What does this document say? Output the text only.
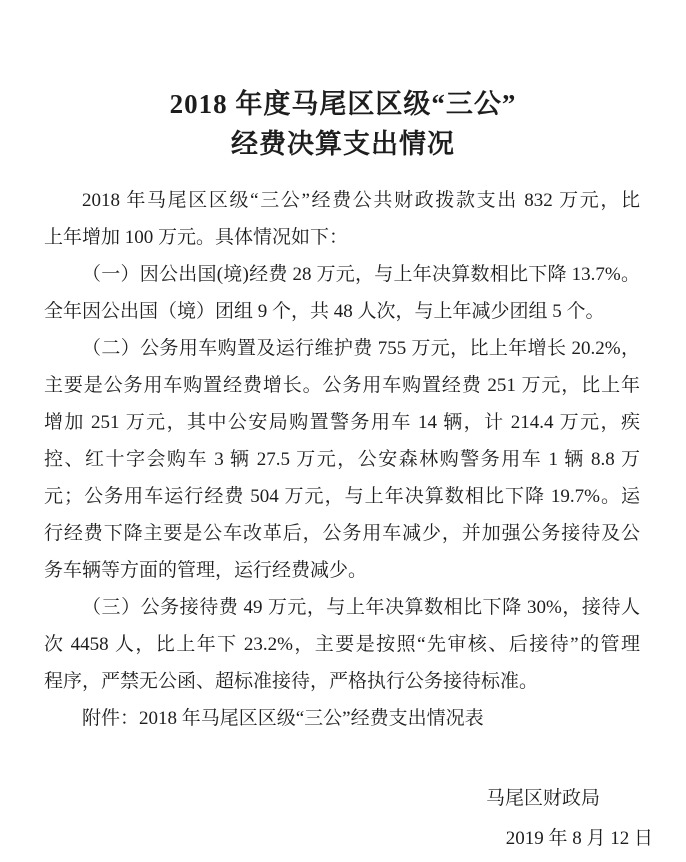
2018 年度马尾区区级“三公”
经费决算支出情况
2018 年马尾区区级“三公”经费公共财政拨款支出 832 万元，比
上年增加 100 万元。具体情况如下：
（一）因公出国(境)经费 28 万元，与上年决算数相比下降 13.7%。
全年因公出国（境）团组 9 个，共 48 人次，与上年减少团组 5 个。
（二）公务用车购置及运行维护费 755 万元，比上年增长 20.2%，
主要是公务用车购置经费增长。公务用车购置经费 251 万元，比上年
增加 251 万元，其中公安局购置警务用车 14 辆，计 214.4 万元，疾
控、红十字会购车 3 辆 27.5 万元，公安森林购警务用车 1 辆 8.8 万
元；公务用车运行经费 504 万元，与上年决算数相比下降 19.7%。运
行经费下降主要是公车改革后，公务用车减少，并加强公务接待及公
务车辆等方面的管理，运行经费减少。
（三）公务接待费 49 万元，与上年决算数相比下降 30%，接待人
次 4458 人，比上年下 23.2%，主要是按照“先审核、后接待”的管理
程序，严禁无公函、超标准接待，严格执行公务接待标准。
附件：2018 年马尾区区级“三公”经费支出情况表
马尾区财政局
2019 年 8 月 12 日
